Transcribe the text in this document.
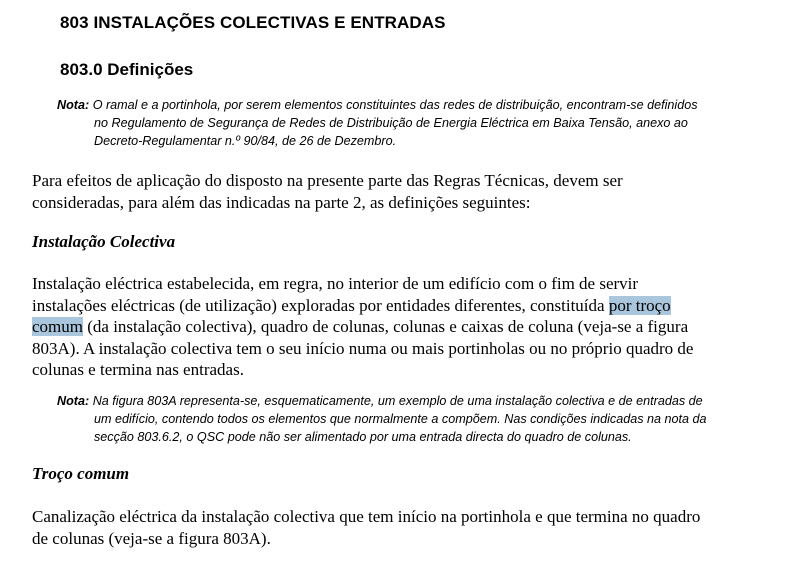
803 INSTALAÇÕES COLECTIVAS E ENTRADAS
803.0 Definições
Nota: O ramal e a portinhola, por serem elementos constituintes das redes de distribuição, encontram-se definidos
no Regulamento de Segurança de Redes de Distribuição de Energia Eléctrica em Baixa Tensão, anexo ao
Decreto-Regulamentar n.º 90/84, de 26 de Dezembro.
Para efeitos de aplicação do disposto na presente parte das Regras Técnicas, devem ser
consideradas, para além das indicadas na parte 2, as definições seguintes:
Instalação Colectiva
Instalação eléctrica estabelecida, em regra, no interior de um edifício com o fim de servir
instalações eléctricas (de utilização) exploradas por entidades diferentes, constituída por troço
comum (da instalação colectiva), quadro de colunas, colunas e caixas de coluna (veja-se a figura
803A). A instalação colectiva tem o seu início numa ou mais portinholas ou no próprio quadro de
colunas e termina nas entradas.
Nota: Na figura 803A representa-se, esquematicamente, um exemplo de uma instalação colectiva e de entradas de
um edifício, contendo todos os elementos que normalmente a compõem. Nas condições indicadas na nota da
secção 803.6.2, o QSC pode não ser alimentado por uma entrada directa do quadro de colunas.
Troço comum
Canalização eléctrica da instalação colectiva que tem início na portinhola e que termina no quadro
de colunas (veja-se a figura 803A).
